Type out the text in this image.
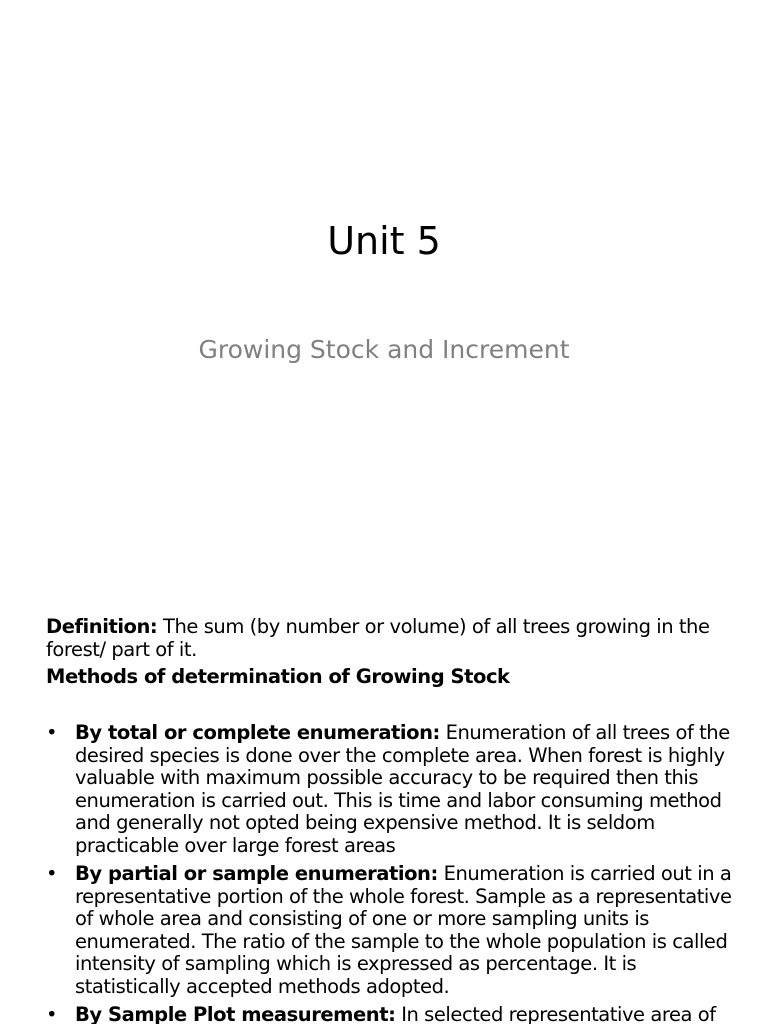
Unit 5
Growing Stock and Increment
Definition: The sum (by number or volume) of all trees growing in the forest/ part of it.
Methods of determination of Growing Stock
• By total or complete enumeration: Enumeration of all trees of the desired species is done over the complete area. When forest is highly valuable with maximum possible accuracy to be required then this enumeration is carried out. This is time and labor consuming method and generally not opted being expensive method. It is seldom practicable over large forest areas
• By partial or sample enumeration: Enumeration is carried out in a representative portion of the whole forest. Sample as a representative of whole area and consisting of one or more sampling units is enumerated. The ratio of the sample to the whole population is called intensity of sampling which is expressed as percentage. It is statistically accepted methods adopted.
• By Sample Plot measurement: In selected representative area of
